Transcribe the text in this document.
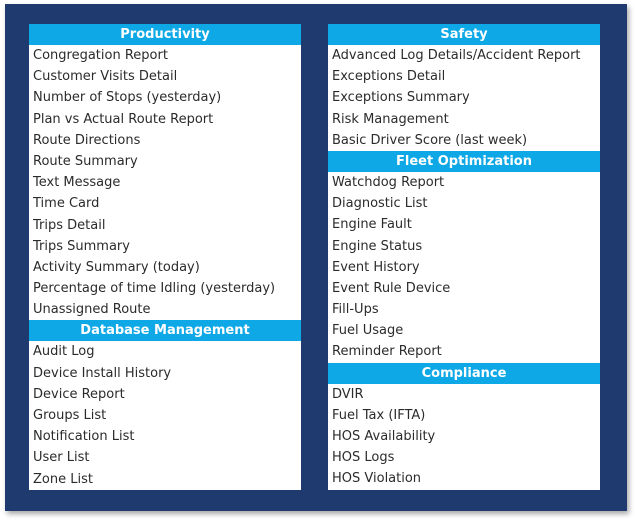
Productivity
Congregation Report
Customer Visits Detail
Number of Stops (yesterday)
Plan vs Actual Route Report
Route Directions
Route Summary
Text Message
Time Card
Trips Detail
Trips Summary
Activity Summary (today)
Percentage of time Idling (yesterday)
Unassigned Route
Database Management
Audit Log
Device Install History
Device Report
Groups List
Notification List
User List
Zone List
Safety
Advanced Log Details/Accident Report
Exceptions Detail
Exceptions Summary
Risk Management
Basic Driver Score (last week)
Fleet Optimization
Watchdog Report
Diagnostic List
Engine Fault
Engine Status
Event History
Event Rule Device
Fill-Ups
Fuel Usage
Reminder Report
Compliance
DVIR
Fuel Tax (IFTA)
HOS Availability
HOS Logs
HOS Violation
